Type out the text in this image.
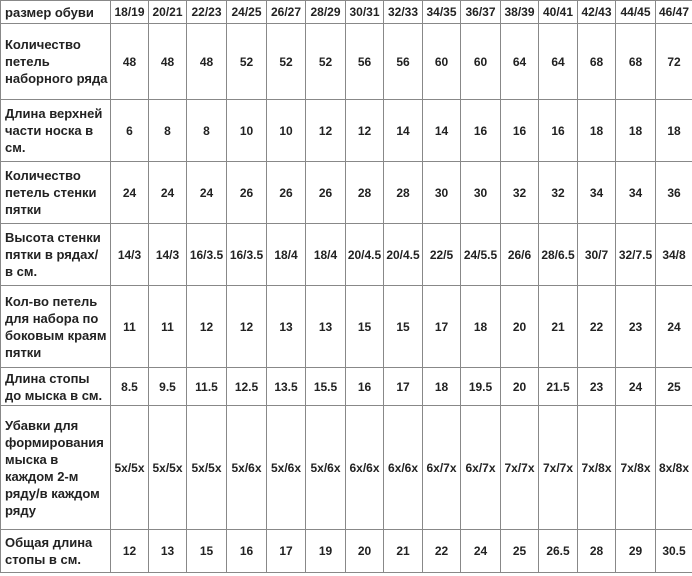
размер обуви	18/19	20/21	22/23	24/25	26/27	28/29	30/31	32/33	34/35	36/37	38/39	40/41	42/43	44/45	46/47
Количество петель наборного ряда	48	48	48	52	52	52	56	56	60	60	64	64	68	68	72
Длина верхней части носка в см.	6	8	8	10	10	12	12	14	14	16	16	16	18	18	18
Количество петель стенки пятки	24	24	24	26	26	26	28	28	30	30	32	32	34	34	36
Высота стенки пятки в рядах/ в см.	14/3	14/3	16/3.5	16/3.5	18/4	18/4	20/4.5	20/4.5	22/5	24/5.5	26/6	28/6.5	30/7	32/7.5	34/8
Кол-во петель для набора по боковым краям пятки	11	11	12	12	13	13	15	15	17	18	20	21	22	23	24
Длина стопы до мыска в см.	8.5	9.5	11.5	12.5	13.5	15.5	16	17	18	19.5	20	21.5	23	24	25
Убавки для формирования мыска в каждом 2-м ряду/в каждом ряду	5x/5x	5x/5x	5x/5x	5x/6x	5x/6x	5x/6x	6x/6x	6x/6x	6x/7x	6x/7x	7x/7x	7x/7x	7x/8x	7x/8x	8x/8x
Общая длина стопы в см.	12	13	15	16	17	19	20	21	22	24	25	26.5	28	29	30.5
